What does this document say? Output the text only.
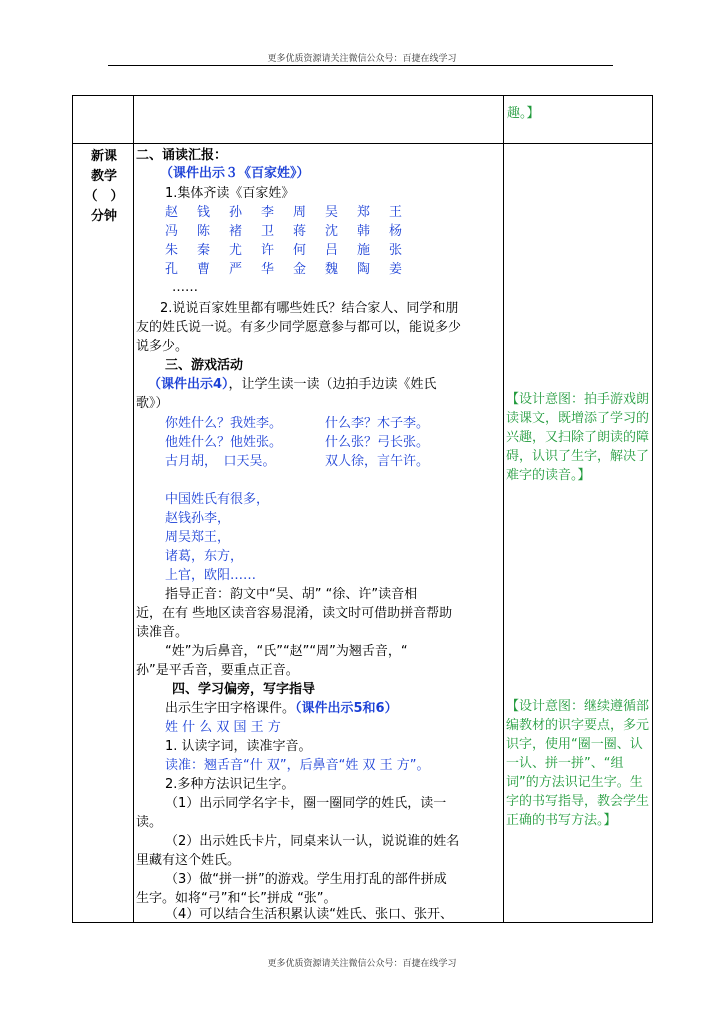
更多优质资源请关注微信公众号：百捷在线学习
趣。】
新课
教学
（　）
分钟
二、诵读汇报：
（课件出示３《百家姓》）
1.集体齐读《百家姓》
赵 钱 孙 李 周 吴 郑 王
冯 陈 褚 卫 蒋 沈 韩 杨
朱 秦 尤 许 何 吕 施 张
孔 曹 严 华 金 魏 陶 姜
……
2.说说百家姓里都有哪些姓氏？结合家人、同学和朋
友的姓氏说一说。有多少同学愿意参与都可以，能说多少
说多少。
三、游戏活动
（课件出示4），让学生读一读（边拍手边读《姓氏
歌》）
你姓什么？我姓李。	什么李？木子李。
他姓什么？他姓张。	什么张？弓长张。
古月胡，　口天吴。	双人徐，言午许。
中国姓氏有很多，
赵钱孙李，
周吴郑王，
诸葛，东方，
上官，欧阳……
指导正音：韵文中“吴、胡” “徐、许”读音相
近，在有 些地区读音容易混淆，读文时可借助拼音帮助
读准音。
“姓”为后鼻音，“氏”“赵”“周”为翘舌音，“
孙”是平舌音，要重点正音。
四、学习偏旁，写字指导
出示生字田字格课件。（课件出示5和6）
姓 什 么 双 国 王 方
1. 认读字词，读准字音。
读准：翘舌音“什 双”，后鼻音“姓 双 王 方”。
2.多种方法识记生字。
（1）出示同学名字卡，圈一圈同学的姓氏，读一
读。
（2）出示姓氏卡片，同桌来认一认，说说谁的姓名
里藏有这个姓氏。
（3）做“拼一拼”的游戏。学生用打乱的部件拼成
生字。如将“弓”和“长”拼成 “张”。
（4）可以结合生活积累认读“姓氏、张口、张开、
【设计意图：拍手游戏朗读课文，既增添了学习的兴趣，又扫除了朗读的障碍，认识了生字，解决了难字的读音。】
【设计意图：继续遵循部编教材的识字要点，多元识字，使用“圈一圈、认一认、拼一拼”、“组词”的方法识记生字。生字的书写指导，教会学生正确的书写方法。】
更多优质资源请关注微信公众号：百捷在线学习
